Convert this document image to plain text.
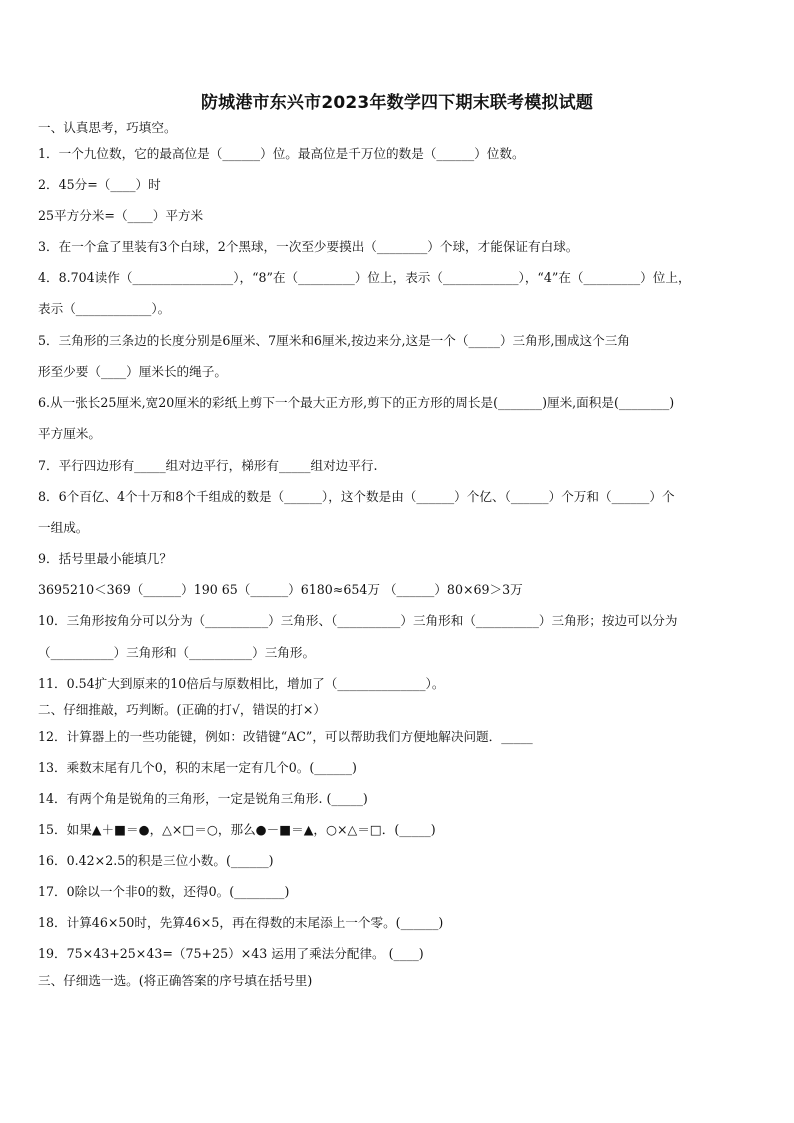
防城港市东兴市2023年数学四下期末联考模拟试题
一、认真思考，巧填空。
1．一个九位数，它的最高位是（______）位。最高位是千万位的数是（______）位数。
2．45分=（____）时
25平方分米=（____）平方米
3．在一个盒了里装有3个白球，2个黑球，一次至少要摸出（________）个球，才能保证有白球。
4．8.704读作（________________），“8”在（_________）位上，表示（____________），“4”在（_________）位上，
表示（____________）。
5．三角形的三条边的长度分别是6厘米、7厘米和6厘米,按边来分,这是一个（_____）三角形,围成这个三角
形至少要（____）厘米长的绳子。
6.从一张长25厘米,宽20厘米的彩纸上剪下一个最大正方形,剪下的正方形的周长是(_______)厘米,面积是(________)
平方厘米。
7．平行四边形有_____组对边平行，梯形有_____组对边平行.
8．6个百亿、4个十万和8个千组成的数是（______），这个数是由（______）个亿、（______）个万和（______）个
一组成。
9．括号里最小能填几？
3695210＜369（______）190 65（______）6180≈654万 （______）80×69＞3万
10．三角形按角分可以分为（__________）三角形、（__________）三角形和（__________）三角形；按边可以分为
（__________）三角形和（__________）三角形。
11．0.54扩大到原来的10倍后与原数相比，增加了（______________）。
二、仔细推敲，巧判断。(正确的打√，错误的打×）
12．计算器上的一些功能键，例如：改错键“AC”，可以帮助我们方便地解决问题．_____
13．乘数末尾有几个0，积的末尾一定有几个0。(______)
14．有两个角是锐角的三角形，一定是锐角三角形. (_____)
15．如果▲＋■＝●，△×□＝○，那么●－■＝▲，○×△＝□．(_____)
16．0.42×2.5的积是三位小数。(______)
17．0除以一个非0的数，还得0。(________)
18．计算46×50时，先算46×5，再在得数的末尾添上一个零。(______)
19．75×43+25×43=（75+25）×43 运用了乘法分配律。 (____)
三、仔细选一选。(将正确答案的序号填在括号里)
